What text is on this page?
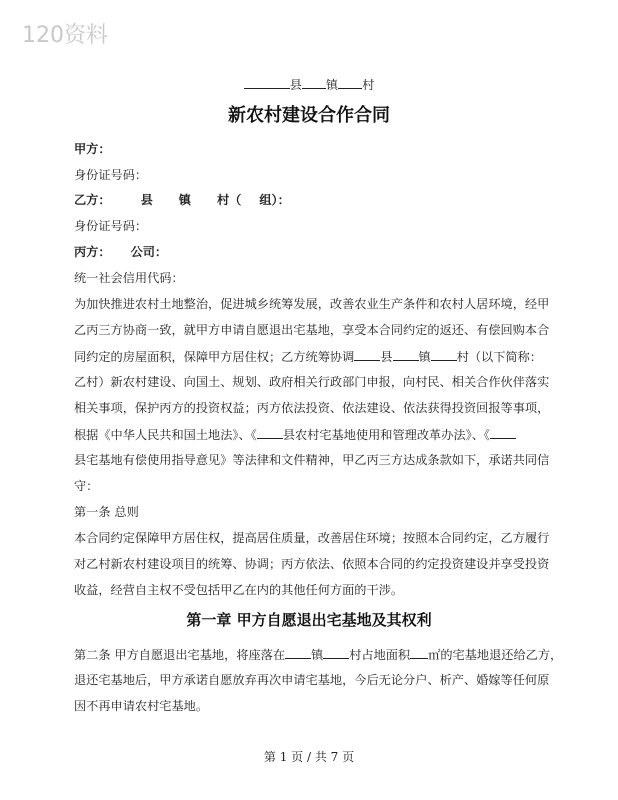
120资料
县 镇 村
新农村建设合作合同
甲方：
身份证号码：
乙方： 县 镇 村（ 组）：
身份证号码：
丙方： 公司：
统一社会信用代码：
为加快推进农村土地整治，促进城乡统筹发展，改善农业生产条件和农村人居环境，经甲
乙丙三方协商一致，就甲方申请自愿退出宅基地，享受本合同约定的返还、有偿回购本合
同约定的房屋面积，保障甲方居住权；乙方统筹协调 县 镇 村（以下简称：
乙村）新农村建设、向国土、规划、政府相关行政部门申报，向村民、相关合作伙伴落实
相关事项，保护丙方的投资权益；丙方依法投资、依法建设、依法获得投资回报等事项，
根据《中华人民共和国土地法》、《 县农村宅基地使用和管理改革办法》、《
县宅基地有偿使用指导意见》等法律和文件精神，甲乙丙三方达成条款如下，承诺共同信
守：
第一条 总则
本合同约定保障甲方居住权，提高居住质量，改善居住环境；按照本合同约定，乙方履行
对乙村新农村建设项目的统筹、协调；丙方依法、依照本合同的约定投资建设并享受投资
收益，经营自主权不受包括甲乙在内的其他任何方面的干涉。
第一章 甲方自愿退出宅基地及其权利
第二条 甲方自愿退出宅基地，将座落在 镇 村占地面积 ㎡的宅基地退还给乙方，
退还宅基地后，甲方承诺自愿放弃再次申请宅基地，今后无论分户、析产、婚嫁等任何原
因不再申请农村宅基地。
第 1 页 / 共 7 页
